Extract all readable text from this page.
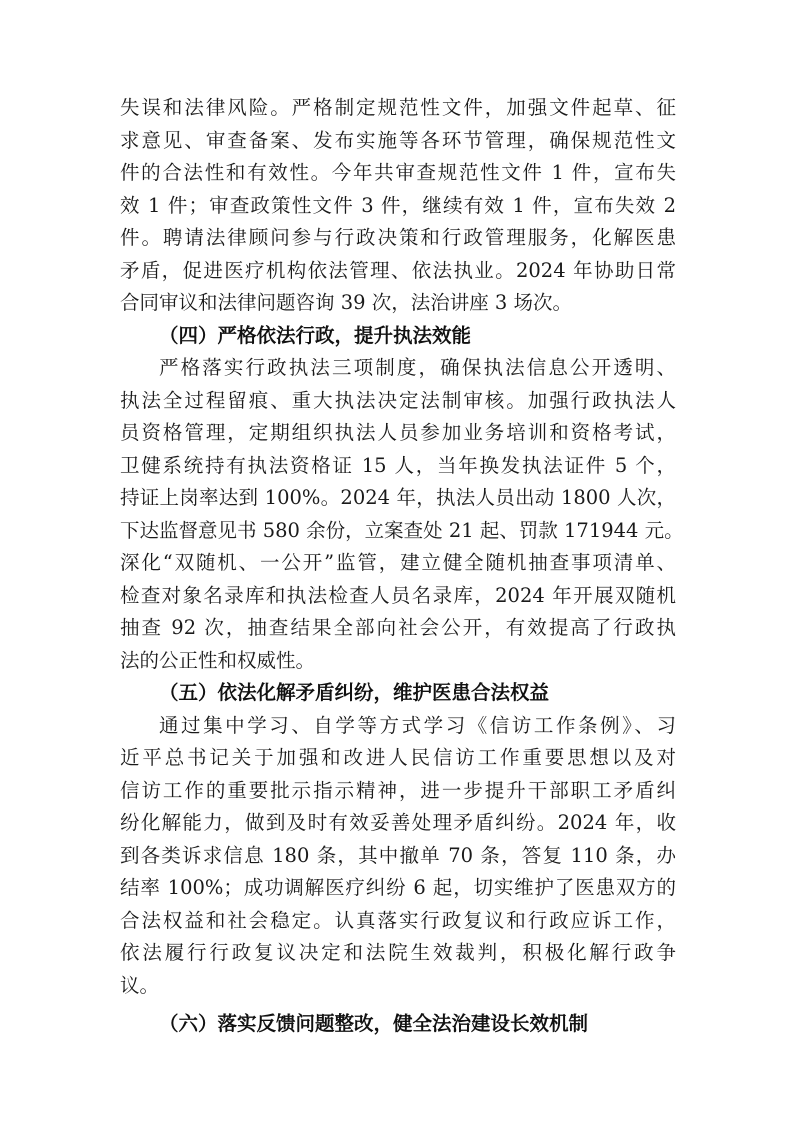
失误和法律风险。严格制定规范性文件，加强文件起草、征
求意见、审查备案、发布实施等各环节管理，确保规范性文
件的合法性和有效性。今年共审查规范性文件 1 件，宣布失
效 1 件；审查政策性文件 3 件，继续有效 1 件，宣布失效 2
件。聘请法律顾问参与行政决策和行政管理服务，化解医患
矛盾，促进医疗机构依法管理、依法执业。2024 年协助日常
合同审议和法律问题咨询 39 次，法治讲座 3 场次。
（四）严格依法行政，提升执法效能
严格落实行政执法三项制度，确保执法信息公开透明、
执法全过程留痕、重大执法决定法制审核。加强行政执法人
员资格管理，定期组织执法人员参加业务培训和资格考试，
卫健系统持有执法资格证 15 人，当年换发执法证件 5 个，
持证上岗率达到 100%。2024 年，执法人员出动 1800 人次，
下达监督意见书 580 余份，立案查处 21 起、罚款 171944 元。
深化“双随机、一公开”监管，建立健全随机抽查事项清单、
检查对象名录库和执法检查人员名录库，2024 年开展双随机
抽查 92 次，抽查结果全部向社会公开，有效提高了行政执
法的公正性和权威性。
（五）依法化解矛盾纠纷，维护医患合法权益
通过集中学习、自学等方式学习《信访工作条例》、习
近平总书记关于加强和改进人民信访工作重要思想以及对
信访工作的重要批示指示精神，进一步提升干部职工矛盾纠
纷化解能力，做到及时有效妥善处理矛盾纠纷。2024 年，收
到各类诉求信息 180 条，其中撤单 70 条，答复 110 条，办
结率 100%；成功调解医疗纠纷 6 起，切实维护了医患双方的
合法权益和社会稳定。认真落实行政复议和行政应诉工作，
依法履行行政复议决定和法院生效裁判，积极化解行政争
议。
（六）落实反馈问题整改，健全法治建设长效机制
